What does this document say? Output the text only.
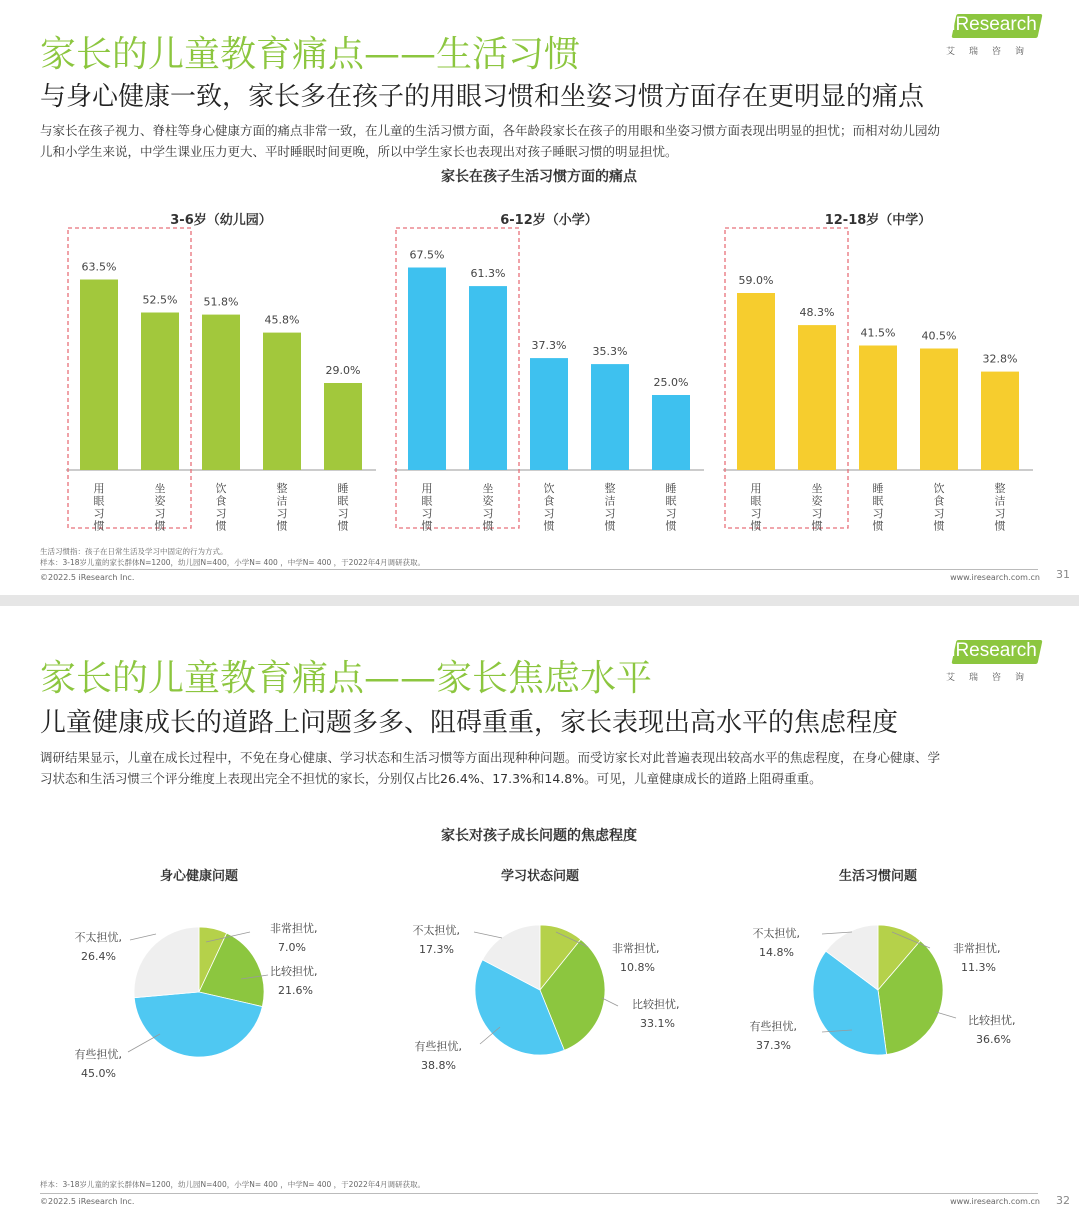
家长的儿童教育痛点——生活习惯
与身心健康一致，家长多在孩子的用眼习惯和坐姿习惯方面存在更明显的痛点
iResearch
艾瑞咨询
与家长在孩子视力、脊柱等身心健康方面的痛点非常一致，在儿童的生活习惯方面，各年龄段家长在孩子的用眼和坐姿习惯方面表现出明显的担忧；而相对幼儿园幼
儿和小学生来说，中学生课业压力更大、平时睡眠时间更晚，所以中学生家长也表现出对孩子睡眠习惯的明显担忧。
家长在孩子生活习惯方面的痛点
3-6岁（幼儿园）
63.5%
用眼习惯
52.5%
坐姿习惯
51.8%
饮食习惯
45.8%
整洁习惯
29.0%
睡眠习惯
6-12岁（小学）
67.5%
用眼习惯
61.3%
坐姿习惯
37.3%
饮食习惯
35.3%
整洁习惯
25.0%
睡眠习惯
12-18岁（中学）
59.0%
用眼习惯
48.3%
坐姿习惯
41.5%
睡眠习惯
40.5%
饮食习惯
32.8%
整洁习惯
生活习惯指：孩子在日常生活及学习中固定的行为方式。
样本：3-18岁儿童的家长群体N=1200，幼儿园N=400，小学N= 400 ，中学N= 400 ，于2022年4月调研获取。
©2022.5 iResearch Inc.	www.iresearch.com.cn	31
家长的儿童教育痛点——家长焦虑水平
儿童健康成长的道路上问题多多、阻碍重重，家长表现出高水平的焦虑程度
iResearch
艾瑞咨询
调研结果显示，儿童在成长过程中，不免在身心健康、学习状态和生活习惯等方面出现种种问题。而受访家长对此普遍表现出较高水平的焦虑程度，在身心健康、学
习状态和生活习惯三个评分维度上表现出完全不担忧的家长，分别仅占比26.4%、17.3%和14.8%。可见，儿童健康成长的道路上阻碍重重。
家长对孩子成长问题的焦虑程度
身心健康问题
非常担忧,
7.0%
比较担忧,
21.6%
有些担忧,
45.0%
不太担忧,
26.4%
学习状态问题
非常担忧,
10.8%
比较担忧,
33.1%
有些担忧,
38.8%
不太担忧,
17.3%
生活习惯问题
非常担忧,
11.3%
比较担忧,
36.6%
有些担忧,
37.3%
不太担忧,
14.8%
样本：3-18岁儿童的家长群体N=1200，幼儿园N=400，小学N= 400 ，中学N= 400 ，于2022年4月调研获取。
©2022.5 iResearch Inc.	www.iresearch.com.cn	32
